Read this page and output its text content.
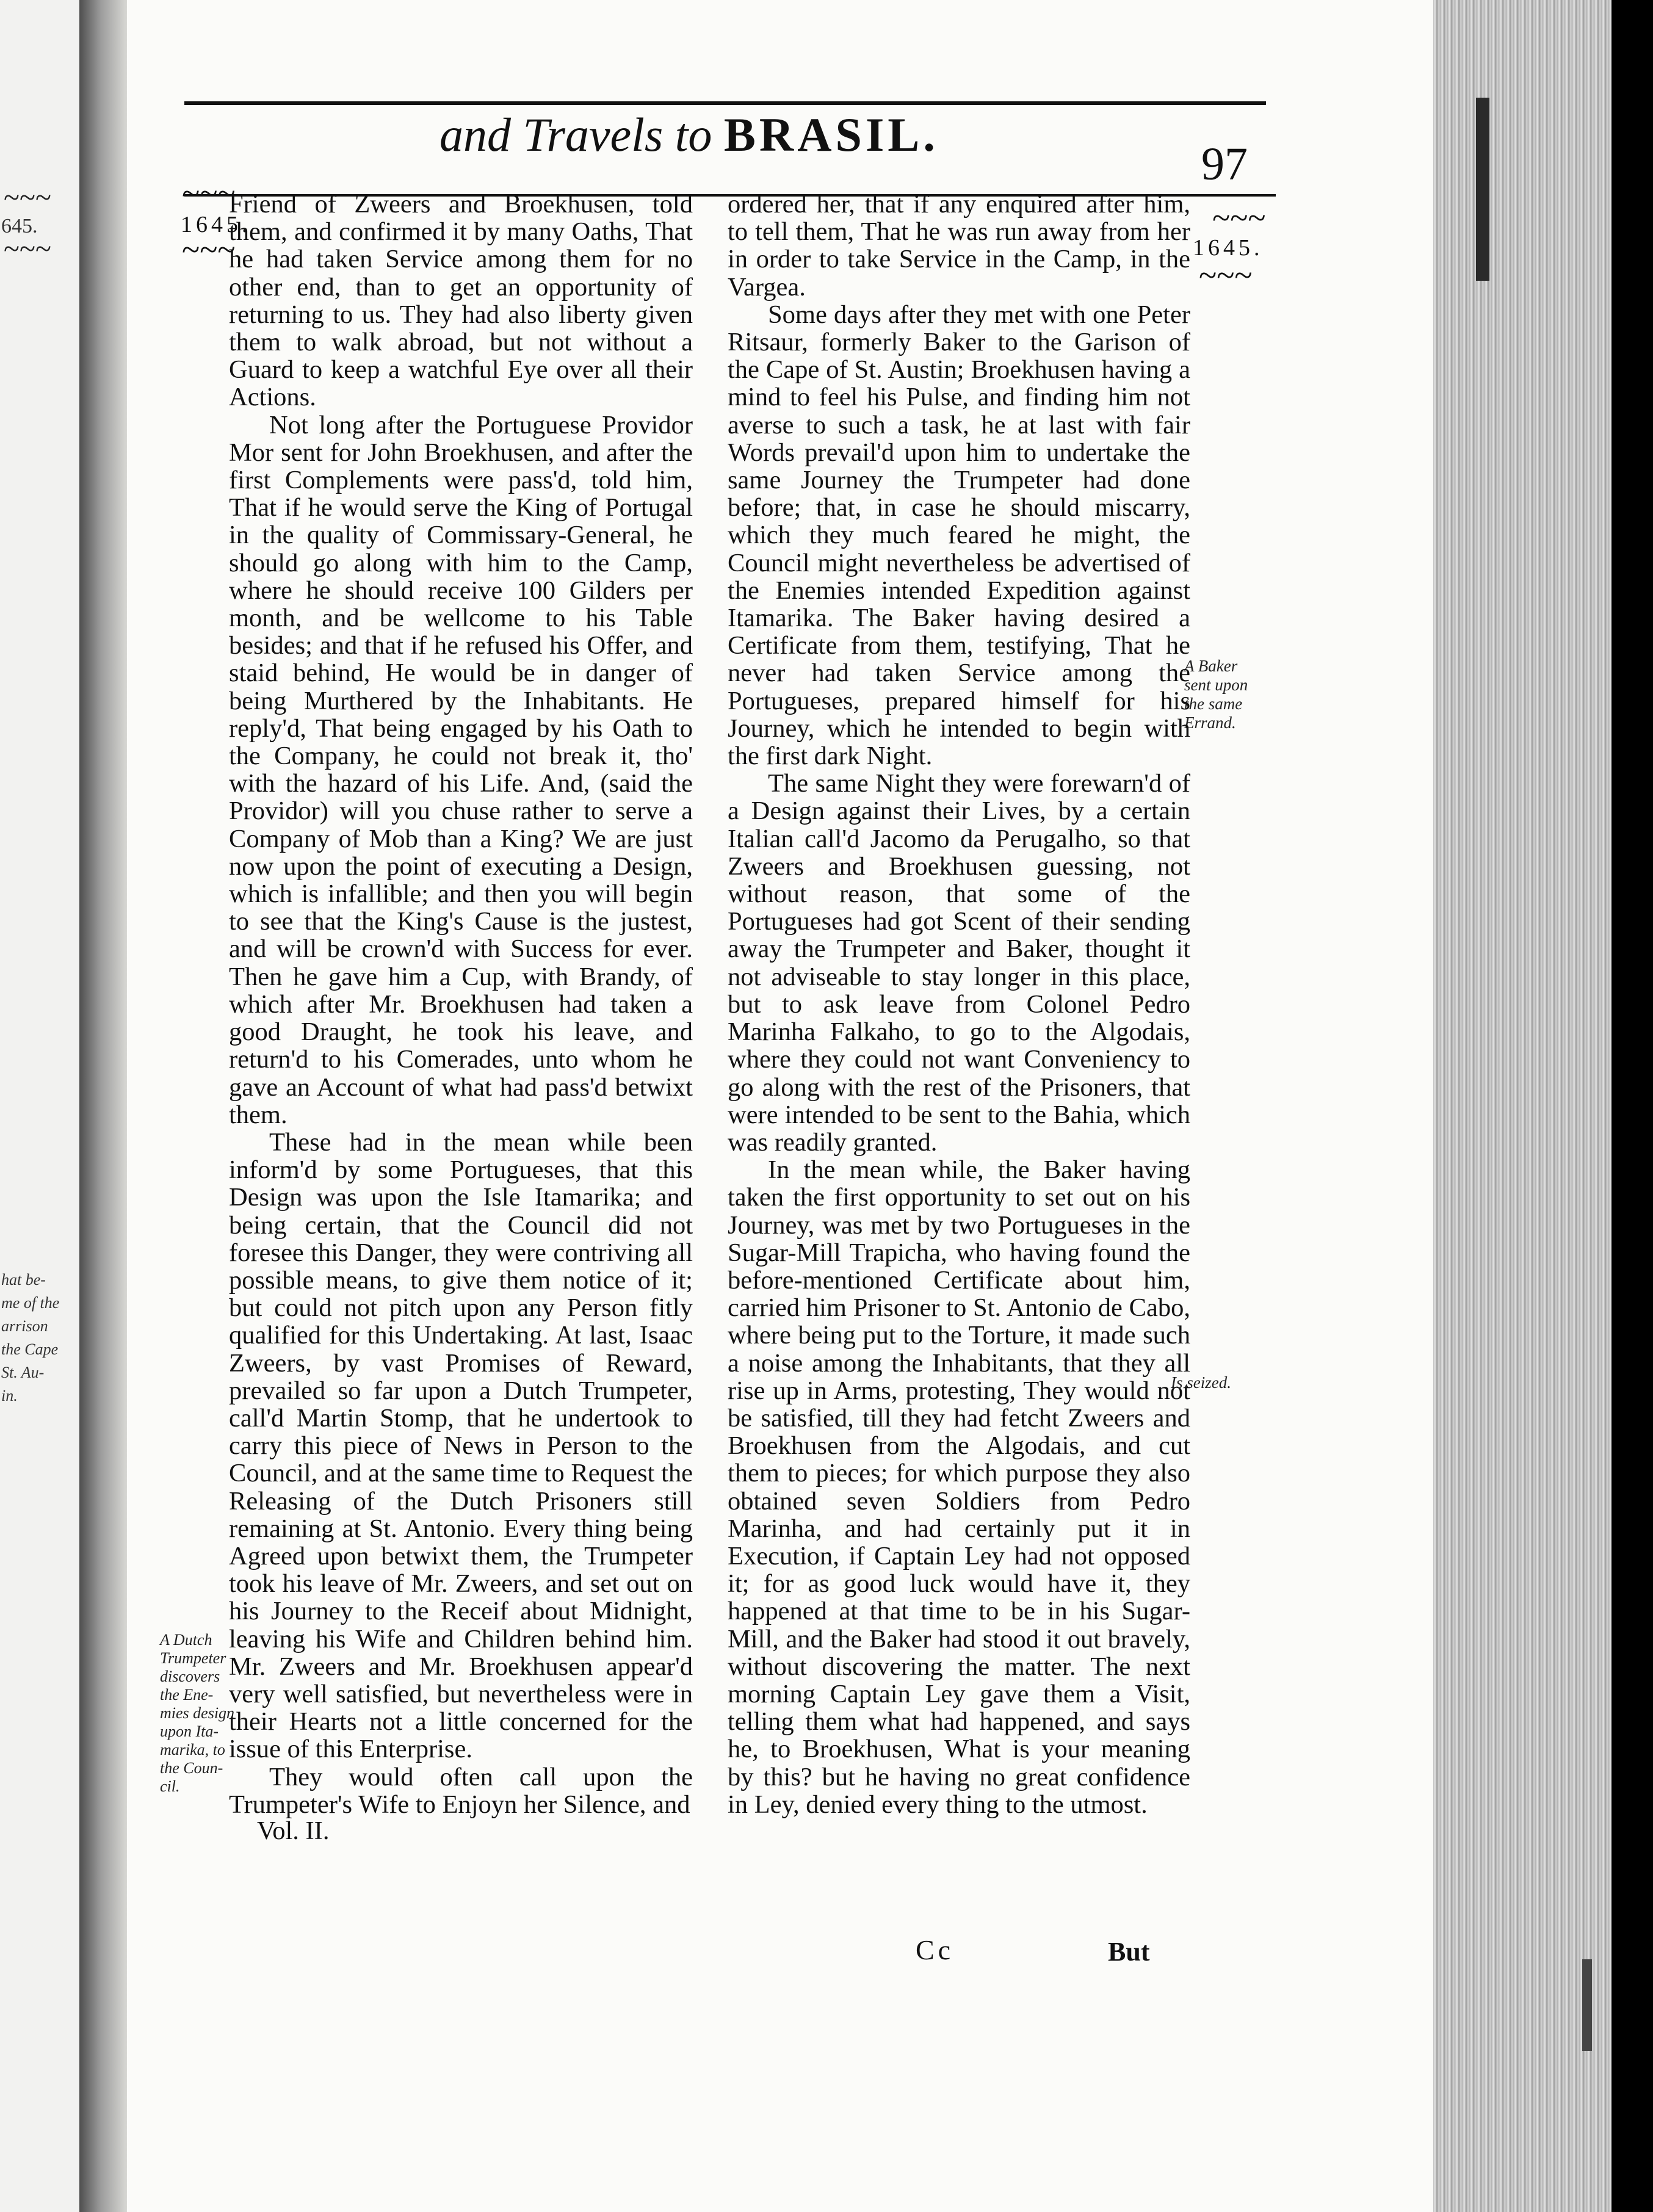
~~~
645.
~~~
hat be-
me of the
arrison
the Cape
St. Au-
in.
and Travels to BRASIL.
97
~~~
1645.
~~~
~~~
1645.
~~~
A Baker
sent upon
the same
Errand.
Is seized.
A Dutch
Trumpeter
discovers
the Ene-
mies design
upon Ita-
marika, to
the Coun-
cil.

Friend of Zweers and Broekhusen, told them, and confirmed it by many Oaths, That he had taken Service among them for no other end, than to get an opportunity of returning to us. They had also liberty given them to walk abroad, but not without a Guard to keep a watchful Eye over all their Actions.

Not long after the Portuguese Providor Mor sent for John Broekhusen, and after the first Complements were pass'd, told him, That if he would serve the King of Portugal in the quality of Commissary-General, he should go along with him to the Camp, where he should receive 100 Gilders per month, and be wellcome to his Table besides; and that if he refused his Offer, and staid behind, He would be in danger of being Murthered by the Inhabitants. He reply'd, That being engaged by his Oath to the Company, he could not break it, tho' with the hazard of his Life. And, (said the Providor) will you chuse rather to serve a Company of Mob than a King? We are just now upon the point of executing a Design, which is infallible; and then you will begin to see that the King's Cause is the justest, and will be crown'd with Success for ever. Then he gave him a Cup, with Brandy, of which after Mr. Broekhusen had taken a good Draught, he took his leave, and return'd to his Comerades, unto whom he gave an Account of what had pass'd betwixt them.

These had in the mean while been inform'd by some Portugueses, that this Design was upon the Isle Itamarika; and being certain, that the Council did not foresee this Danger, they were contriving all possible means, to give them notice of it; but could not pitch upon any Person fitly qualified for this Undertaking. At last, Isaac Zweers, by vast Promises of Reward, prevailed so far upon a Dutch Trumpeter, call'd Martin Stomp, that he undertook to carry this piece of News in Person to the Council, and at the same time to Request the Releasing of the Dutch Prisoners still remaining at St. Antonio. Every thing being Agreed upon betwixt them, the Trumpeter took his leave of Mr. Zweers, and set out on his Journey to the Receif about Midnight, leaving his Wife and Children behind him. Mr. Zweers and Mr. Broekhusen appear'd very well satisfied, but nevertheless were in their Hearts not a little concerned for the issue of this Enterprise.

They would often call upon the Trumpeter's Wife to Enjoyn her Silence, and

Vol. II.

ordered her, that if any enquired after him, to tell them, That he was run away from her in order to take Service in the Camp, in the Vargea.

Some days after they met with one Peter Ritsaur, formerly Baker to the Garison of the Cape of St. Austin; Broekhusen having a mind to feel his Pulse, and finding him not averse to such a task, he at last with fair Words prevail'd upon him to undertake the same Journey the Trumpeter had done before; that, in case he should miscarry, which they much feared he might, the Council might nevertheless be advertised of the Enemies intended Expedition against Itamarika. The Baker having desired a Certificate from them, testifying, That he never had taken Service among the Portugueses, prepared himself for his Journey, which he intended to begin with the first dark Night.

The same Night they were forewarn'd of a Design against their Lives, by a certain Italian call'd Jacomo da Perugalho, so that Zweers and Broekhusen guessing, not without reason, that some of the Portugueses had got Scent of their sending away the Trumpeter and Baker, thought it not adviseable to stay longer in this place, but to ask leave from Colonel Pedro Marinha Falkaho, to go to the Algodais, where they could not want Conveniency to go along with the rest of the Prisoners, that were intended to be sent to the Bahia, which was readily granted.

In the mean while, the Baker having taken the first opportunity to set out on his Journey, was met by two Portugueses in the Sugar-Mill Trapicha, who having found the before-mentioned Certificate about him, carried him Prisoner to St. Antonio de Cabo, where being put to the Torture, it made such a noise among the Inhabitants, that they all rise up in Arms, protesting, They would not be satisfied, till they had fetcht Zweers and Broekhusen from the Algodais, and cut them to pieces; for which purpose they also obtained seven Soldiers from Pedro Marinha, and had certainly put it in Execution, if Captain Ley had not opposed it; for as good luck would have it, they happened at that time to be in his Sugar-Mill, and the Baker had stood it out bravely, without discovering the matter. The next morning Captain Ley gave them a Visit, telling them what had happened, and says he, to Broekhusen, What is your meaning by this? but he having no great confidence in Ley, denied every thing to the utmost.

Cc	But
